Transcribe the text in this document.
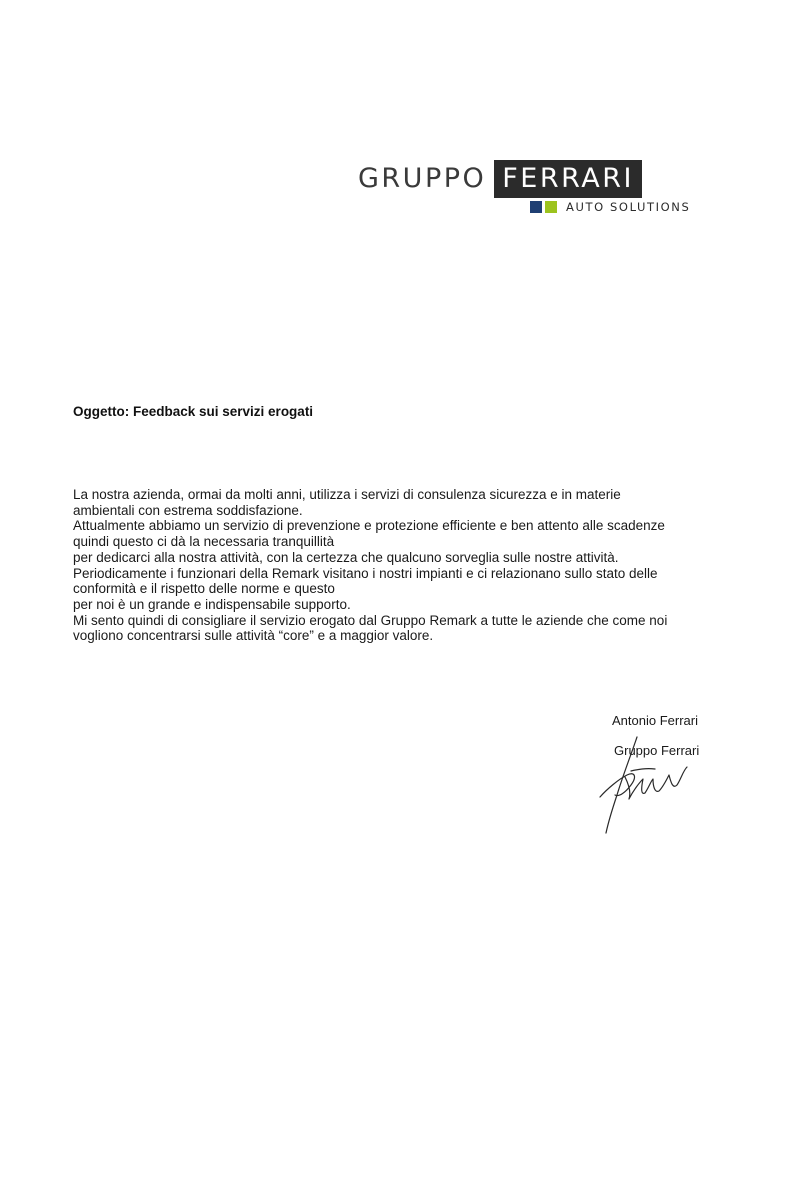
GRUPPO FERRARI
AUTO SOLUTIONS
Oggetto: Feedback sui servizi erogati
La nostra azienda, ormai da molti anni, utilizza i servizi di consulenza sicurezza e in materie
ambientali con estrema soddisfazione.
Attualmente abbiamo un servizio di prevenzione e protezione efficiente e ben attento alle scadenze
quindi questo ci dà la necessaria tranquillità
per dedicarci alla nostra attività, con la certezza che qualcuno sorveglia sulle nostre attività.
Periodicamente i funzionari della Remark visitano i nostri impianti e ci relazionano sullo stato delle
conformità e il rispetto delle norme e questo
per noi è un grande e indispensabile supporto.
Mi sento quindi di consigliare il servizio erogato dal Gruppo Remark a tutte le aziende che come noi
vogliono concentrarsi sulle attività “core” e a maggior valore.
Antonio Ferrari
Gruppo Ferrari
